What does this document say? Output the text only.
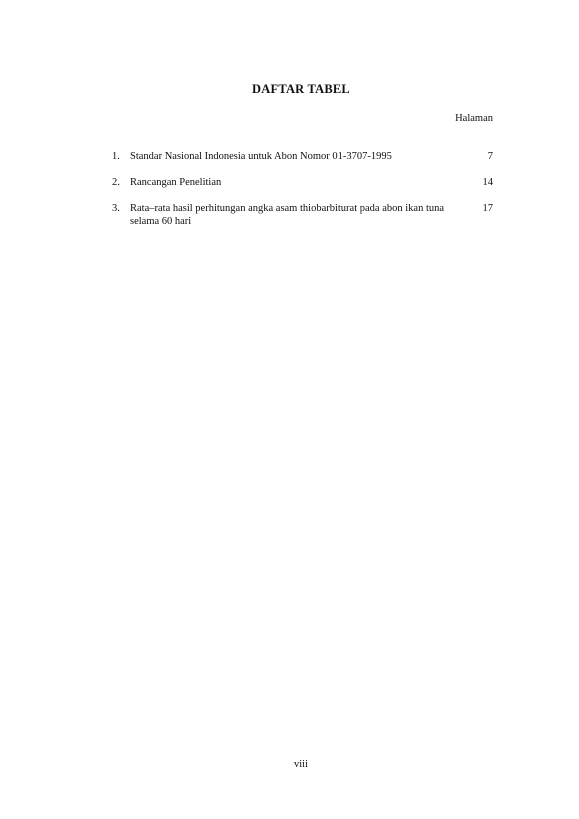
DAFTAR TABEL
Halaman
1. Standar Nasional Indonesia untuk Abon Nomor 01-3707-1995	7
2. Rancangan Penelitian	14
3. Rata–rata hasil perhitungan angka asam thiobarbiturat pada abon ikan tuna selama 60 hari
17
viii
